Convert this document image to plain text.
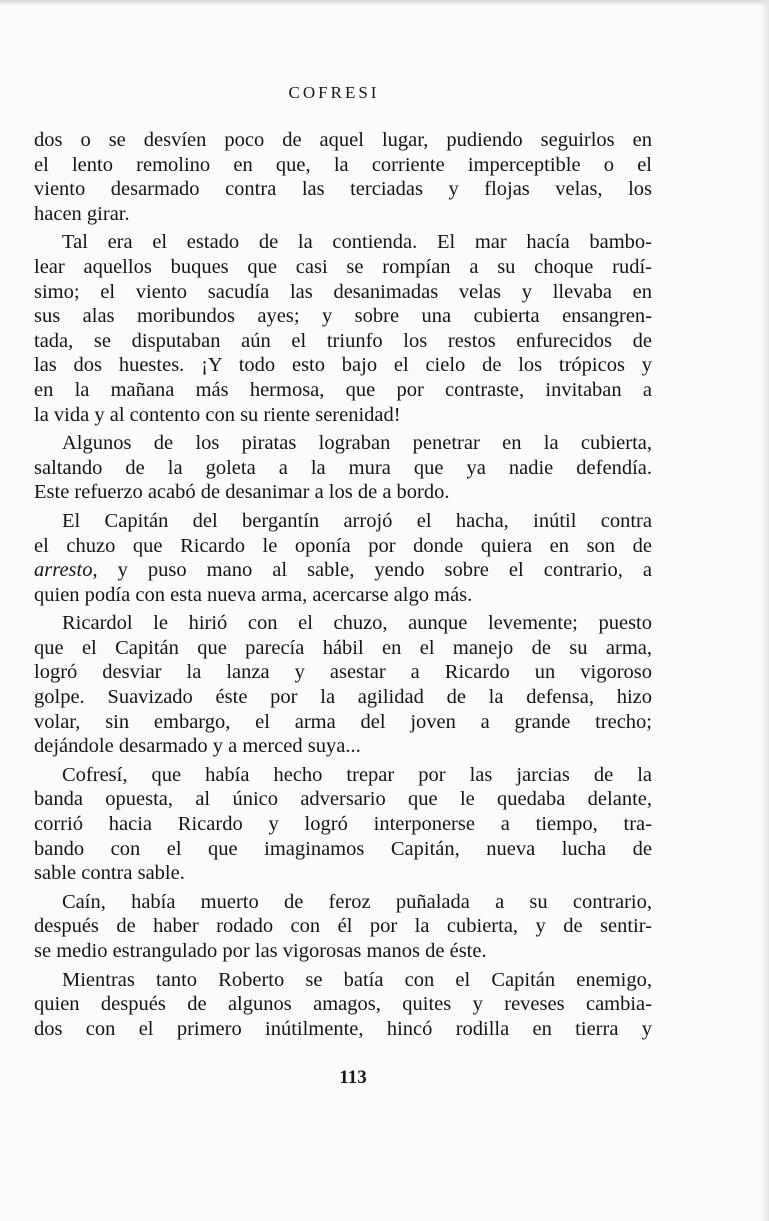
COFRESI
dos o se desvíen poco de aquel lugar, pudiendo seguirlos en
el lento remolino en que, la corriente imperceptible o el
viento desarmado contra las terciadas y flojas velas, los
hacen girar.
Tal era el estado de la contienda. El mar hacía bambo-
lear aquellos buques que casi se rompían a su choque rudí-
simo; el viento sacudía las desanimadas velas y llevaba en
sus alas moribundos ayes; y sobre una cubierta ensangren-
tada, se disputaban aún el triunfo los restos enfurecidos de
las dos huestes. ¡Y todo esto bajo el cielo de los trópicos y
en la mañana más hermosa, que por contraste, invitaban a
la vida y al contento con su riente serenidad!
Algunos de los piratas lograban penetrar en la cubierta,
saltando de la goleta a la mura que ya nadie defendía.
Este refuerzo acabó de desanimar a los de a bordo.
El Capitán del bergantín arrojó el hacha, inútil contra
el chuzo que Ricardo le oponía por donde quiera en son de
arresto, y puso mano al sable, yendo sobre el contrario, a
quien podía con esta nueva arma, acercarse algo más.
Ricardol le hirió con el chuzo, aunque levemente; puesto
que el Capitán que parecía hábil en el manejo de su arma,
logró desviar la lanza y asestar a Ricardo un vigoroso
golpe. Suavizado éste por la agilidad de la defensa, hizo
volar, sin embargo, el arma del joven a grande trecho;
dejándole desarmado y a merced suya...
Cofresí, que había hecho trepar por las jarcias de la
banda opuesta, al único adversario que le quedaba delante,
corrió hacia Ricardo y logró interponerse a tiempo, tra-
bando con el que imaginamos Capitán, nueva lucha de
sable contra sable.
Caín, había muerto de feroz puñalada a su contrario,
después de haber rodado con él por la cubierta, y de sentir-
se medio estrangulado por las vigorosas manos de éste.
Mientras tanto Roberto se batía con el Capitán enemigo,
quien después de algunos amagos, quites y reveses cambia-
dos con el primero inútilmente, hincó rodilla en tierra y
113
